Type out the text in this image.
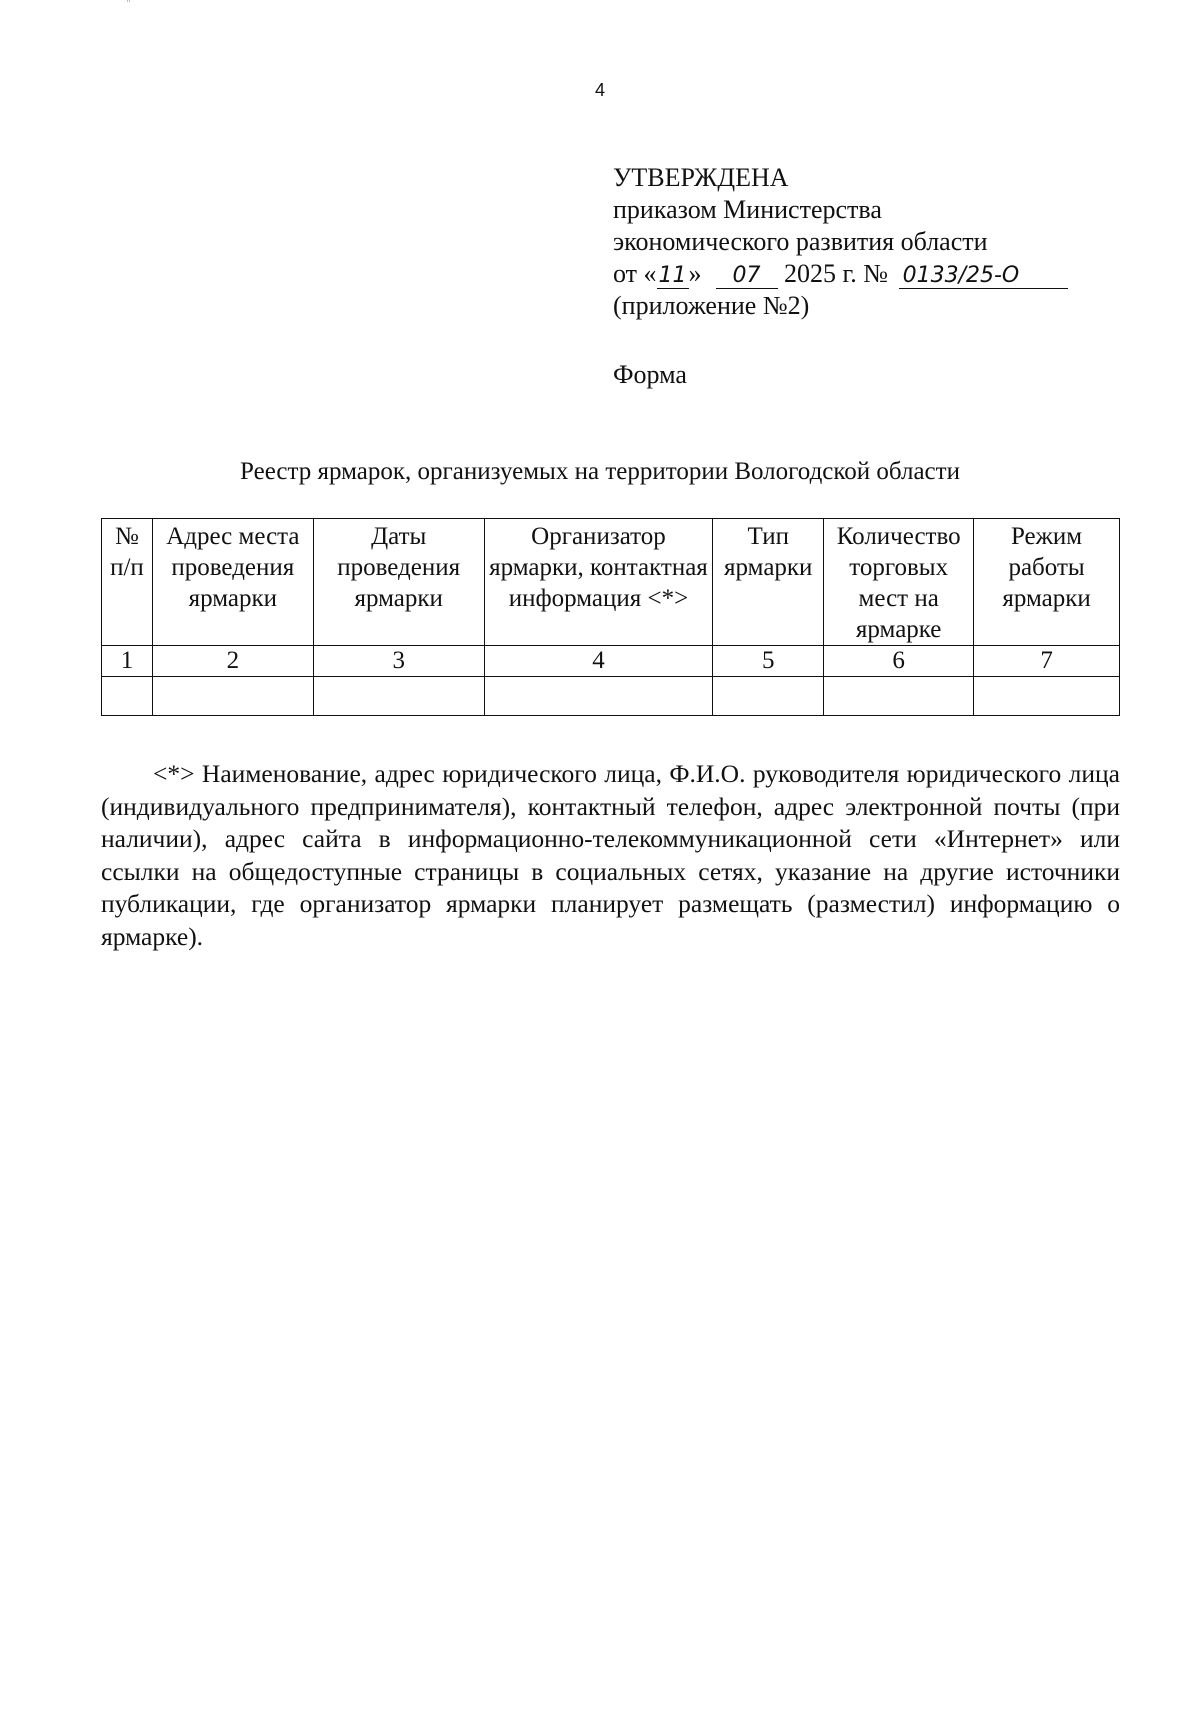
¨
4
УТВЕРЖДЕНА
приказом Министерства
экономического развития области
от «11» 07 2025 г. № 0133/25-О
(приложение №2)
Форма
Реестр ярмарок, организуемых на территории Вологодской области
№ п/п	Адрес места проведения ярмарки	Даты проведения ярмарки	Организатор ярмарки, контактная информация <*>	Тип ярмарки	Количество торговых мест на ярмарке	Режим работы ярмарки
1	2	3	4	5	6	7

<*> Наименование, адрес юридического лица, Ф.И.О. руководителя юридического лица (индивидуального предпринимателя), контактный телефон, адрес электронной почты (при наличии), адрес сайта в информационно-телекоммуникационной сети «Интернет» или ссылки на общедоступные страницы в социальных сетях, указание на другие источники публикации, где организатор ярмарки планирует размещать (разместил) информацию о ярмарке).
